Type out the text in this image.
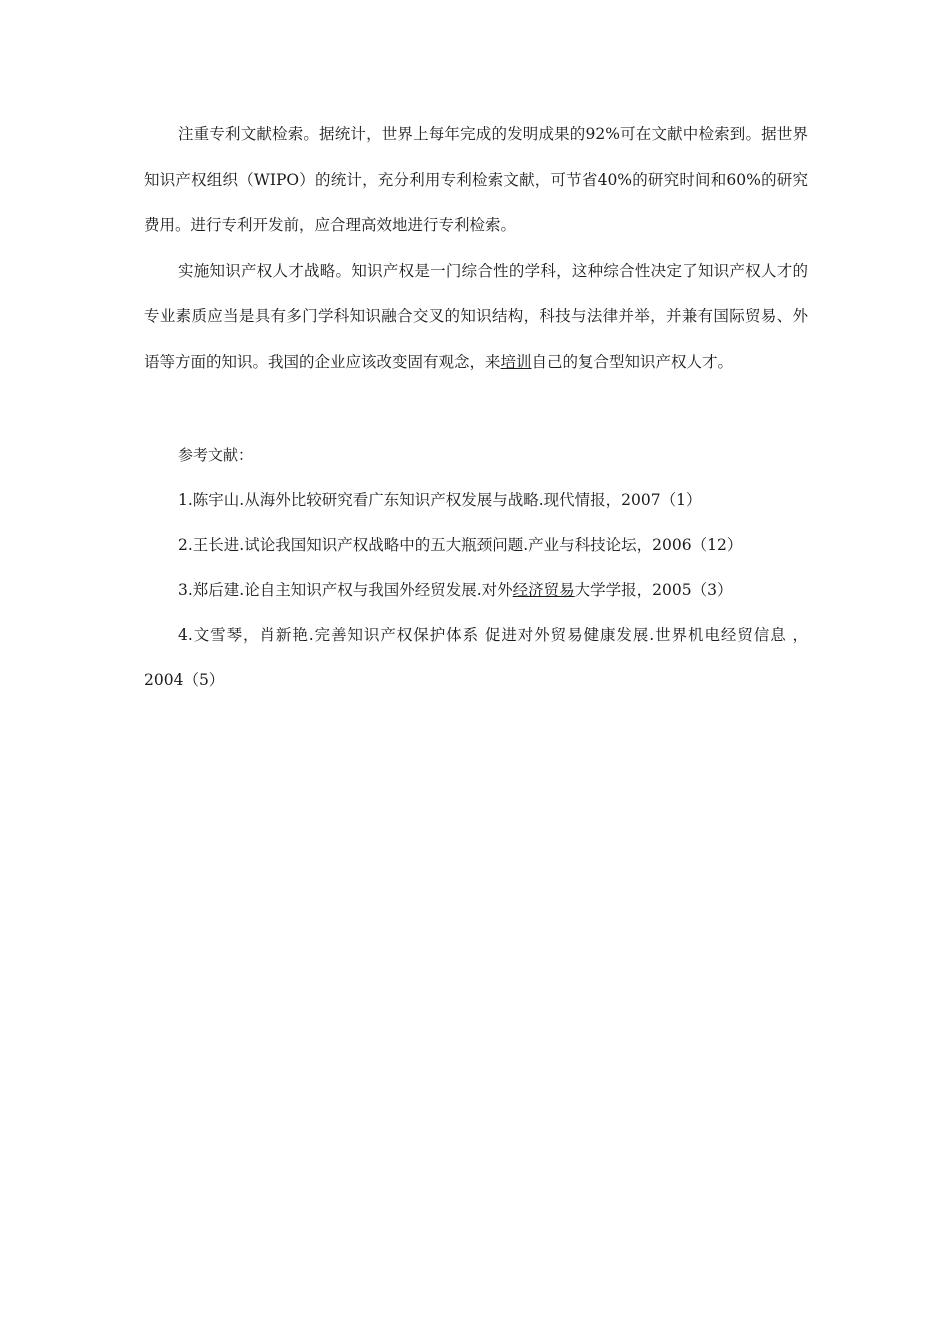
注重专利文献检索。据统计，世界上每年完成的发明成果的92%可在文献中检索到。据世界知识产权组织（WIPO）的统计，充分利用专利检索文献，可节省40%的研究时间和60%的研究费用。进行专利开发前，应合理高效地进行专利检索。

实施知识产权人才战略。知识产权是一门综合性的学科，这种综合性决定了知识产权人才的专业素质应当是具有多门学科知识融合交叉的知识结构，科技与法律并举，并兼有国际贸易、外语等方面的知识。我国的企业应该改变固有观念，来培训自己的复合型知识产权人才。

参考文献：

1.陈宇山.从海外比较研究看广东知识产权发展与战略.现代情报，2007（1）

2.王长进.试论我国知识产权战略中的五大瓶颈问题.产业与科技论坛，2006（12）

3.郑后建.论自主知识产权与我国外经贸发展.对外经济贸易大学学报，2005（3）

4.文雪琴，肖新艳.完善知识产权保护体系 促进对外贸易健康发展.世界机电经贸信息 ，2004（5）
